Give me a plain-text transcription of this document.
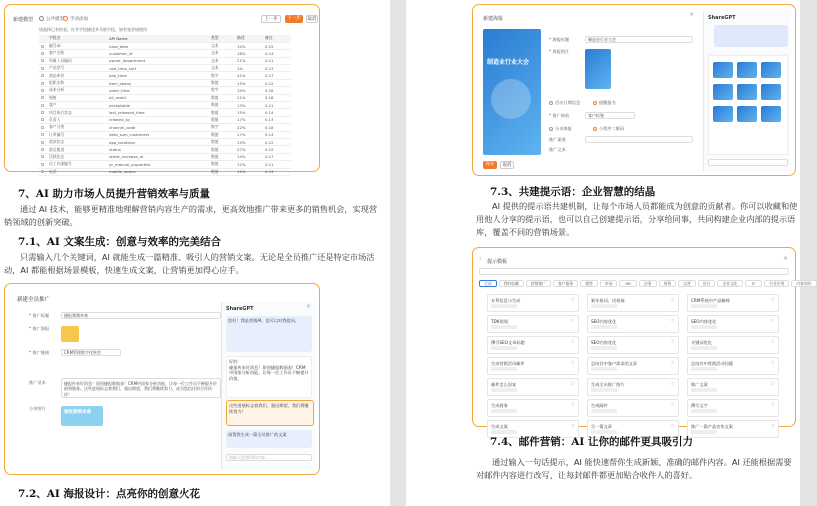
新建模型	公共模型 手动添加	上一步	下一步	取消
请选择已有的表，打开字段描述并关联字段，如有变更请使用
	字段名	API Name	类型	描述	备注
	编号ID	case_date	文本	10%	0.15
	客户名称	customer_id	文本	18%	0.14
	所属人员编码	owner_department	文本	21%	0.11
	产品型号	upd_time_sort	文本	1%	0.13
	商品单价	proj_time	数字	41%	0.17
	组织名称	item_status	数值	15%	0.12
	成本分析	order_time	数字	19%	0.16
	规格	all_rowid	数值	21%	0.18
	客户	acceptable	数值	13%	0.11
	项目执行状态	last_released_time	数值	15%	0.14
	负责人	created_by	数值	17%	0.13
	客户分类	channel_code	数字	22%	0.18
	订单编号	data_sum_customers	数值	17%	0.14
	收款状态	app_locations	数值	13%	0.12
	最后跟进	status	数值	27%	0.15
	活跃状态	latest_increase_id	数值	14%	0.17
	员工内部编号	pr_manual_properties	数值	12%	0.11
	电话	mobile_status	数值	15%	0.13
7、AI 助力市场人员提升营销效率与质量
通过 AI 技术，能够更精准地理解营销内容生产的需求，更高效地推广带来更多的销售机会，实现营销领域的创新突破。
7.1、AI 文案生成：创意与效率的完美结合
只需输入几个关键词，AI 就能生成一篇精准、吸引人的营销文案。无论是全员推广还是特定市场活动，AI 都能根据场景模板，快速生成文案，让营销更加得心应手。
新建全员推广
* 推广标题	捷报频频来袭
* 推广海报
* 推广链接	CRM管理数字化转型
推广话术	捷报传来好消息！原创捷报数据表！CRM中国家分析功能，让每一位工作员不断提升价值和服务。这些进展标志着我们，超出期望，我们将继续努力，成为您信任的合作伙伴！
分享图片
捷报频频来袭
ShareGPT	×
您好！我是营销AI，您可以对我提问。
好的：
捷报传来好消息！原创捷报数据表！CRM中国家分析功能，让每一位工作员不断提升价值。
这些进展标志着我们，超出期望，我们将继续努力！
请帮我生成一篇全员推广的文案
请输入您想问的内容…
7.2、AI 海报设计：点亮你的创意火花
新建海报
×
制造业行业大会
* 海报标题	制造业行业大会
* 海报图片
活动日期信息	提醒报名
* 推广接收	客户标签
分享海报	小程序二维码
推广渠道
推广文本
保存	取消
ShareGPT
7.3、共建提示语：企业智慧的结晶
AI 提供的提示语共建机制，让每个市场人员都能成为创意的贡献者。你可以收藏和使用他人分享的提示语，也可以自己创建提示语，分享给同事，共同构建企业内部的提示语库，覆盖不同的营销场景。
提示模板
‹	×
全部	我的收藏	营销推广	客户服务	销售	市场	HR	法务	财务	运营	设计	企业文化	IT	行业应用	内容创作
专利信息与生成	☆	新年祝词，送祝福	☆	CRM系统中产品解释	☆
TDK规划	☆	SEO内容优化	☆	SEO内容优化	☆
撰写SEO文章标题	☆	SEO内容优化	☆	关键词优化	☆
生成营销活动邮件	☆	总结其中客户需求的文章	☆	总结其中营销活动问题	☆
邮件怎么回复	☆	生成全员推广图片	☆	推广文案	☆
生成商务	☆	生成邮件	☆	撰写文字	☆
生成文案	☆	写一篇文章	☆	推广一篇产品宣传文案	☆
7.4、邮件营销：AI 让你的邮件更具吸引力
通过输入一句话提示，AI 能快速帮你生成新颖、准确的邮件内容。AI 还能根据需要对邮件内容进行改写，让每封邮件都更加贴合收件人的喜好。
